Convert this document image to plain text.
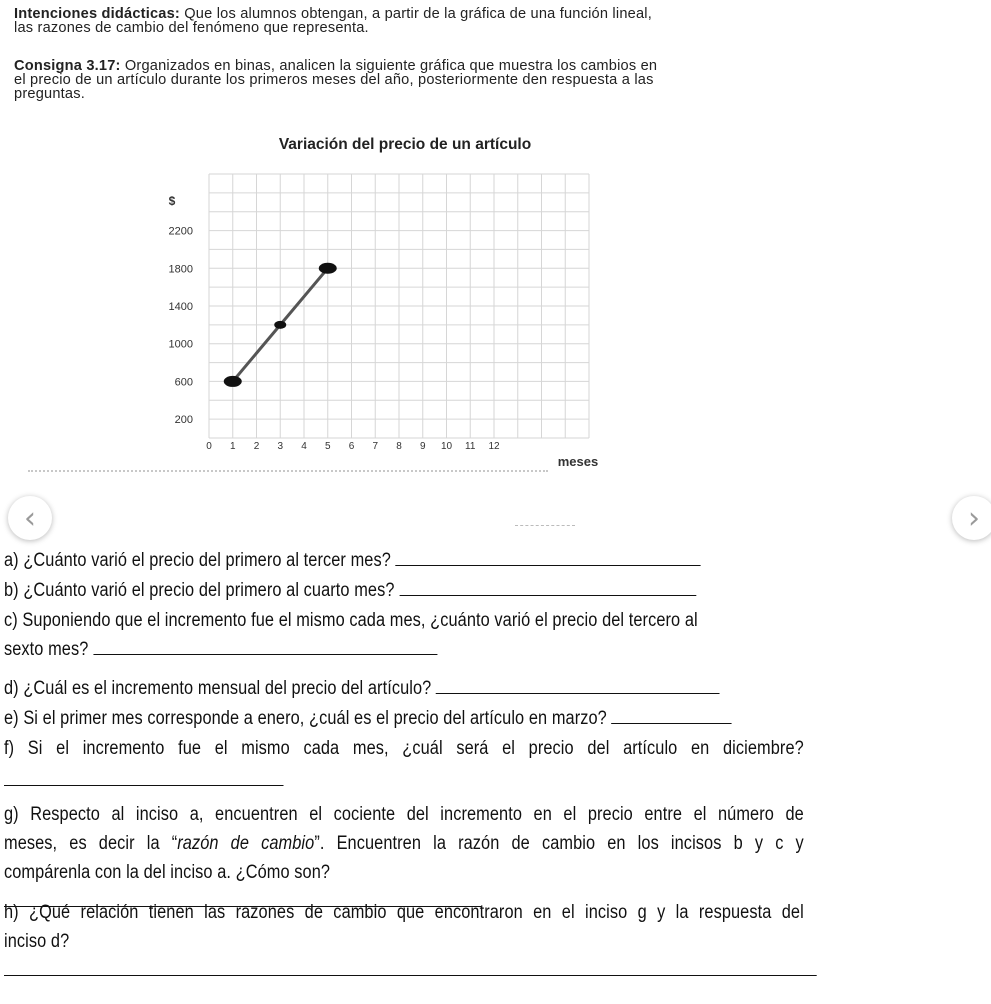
Intenciones didácticas: Que los alumnos obtengan, a partir de la gráfica de una función lineal,
las razones de cambio del fenómeno que representa.
Consigna 3.17: Organizados en binas, analicen la siguiente gráfica que muestra los cambios en
el precio de un artículo durante los primeros meses del año, posteriormente den respuesta a las
preguntas.
Variación del precio de un artículo
200
600
1000
1400
1800
2200
0 1 2 3 4 5 6 7 8 9 10 11 12
$
meses
‹	›
a) ¿Cuánto varió el precio del primero al tercer mes?
b) ¿Cuánto varió el precio del primero al cuarto mes?
c) Suponiendo que el incremento fue el mismo cada mes, ¿cuánto varió el precio del tercero al
sexto mes?
d) ¿Cuál es el incremento mensual del precio del artículo?
e) Si el primer mes corresponde a enero, ¿cuál es el precio del artículo en marzo?
f) Si el incremento fue el mismo cada mes, ¿cuál será el precio del artículo en diciembre?
g) Respecto al inciso a, encuentren el cociente del incremento en el precio entre el número de
meses, es decir la “razón de cambio”. Encuentren la razón de cambio en los incisos b y c y
compárenla con la del inciso a. ¿Cómo son?
h) ¿Qué relación tienen las razones de cambio que encontraron en el inciso g y la respuesta del
inciso d?
